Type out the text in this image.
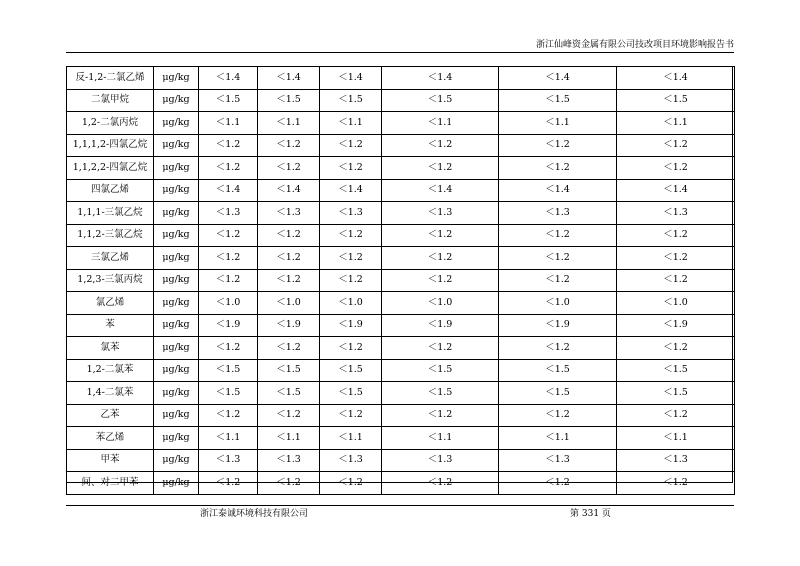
浙江仙峰资金属有限公司技改项目环境影响报告书
反-1,2-二氯乙烯	μg/kg	＜1.4	＜1.4	＜1.4	＜1.4	＜1.4	＜1.4
二氯甲烷	μg/kg	＜1.5	＜1.5	＜1.5	＜1.5	＜1.5	＜1.5
1,2-二氯丙烷	μg/kg	＜1.1	＜1.1	＜1.1	＜1.1	＜1.1	＜1.1
1,1,1,2-四氯乙烷	μg/kg	＜1.2	＜1.2	＜1.2	＜1.2	＜1.2	＜1.2
1,1,2,2-四氯乙烷	μg/kg	＜1.2	＜1.2	＜1.2	＜1.2	＜1.2	＜1.2
四氯乙烯	μg/kg	＜1.4	＜1.4	＜1.4	＜1.4	＜1.4	＜1.4
1,1,1-三氯乙烷	μg/kg	＜1.3	＜1.3	＜1.3	＜1.3	＜1.3	＜1.3
1,1,2-三氯乙烷	μg/kg	＜1.2	＜1.2	＜1.2	＜1.2	＜1.2	＜1.2
三氯乙烯	μg/kg	＜1.2	＜1.2	＜1.2	＜1.2	＜1.2	＜1.2
1,2,3-三氯丙烷	μg/kg	＜1.2	＜1.2	＜1.2	＜1.2	＜1.2	＜1.2
氯乙烯	μg/kg	＜1.0	＜1.0	＜1.0	＜1.0	＜1.0	＜1.0
苯	μg/kg	＜1.9	＜1.9	＜1.9	＜1.9	＜1.9	＜1.9
氯苯	μg/kg	＜1.2	＜1.2	＜1.2	＜1.2	＜1.2	＜1.2
1,2-二氯苯	μg/kg	＜1.5	＜1.5	＜1.5	＜1.5	＜1.5	＜1.5
1,4-二氯苯	μg/kg	＜1.5	＜1.5	＜1.5	＜1.5	＜1.5	＜1.5
乙苯	μg/kg	＜1.2	＜1.2	＜1.2	＜1.2	＜1.2	＜1.2
苯乙烯	μg/kg	＜1.1	＜1.1	＜1.1	＜1.1	＜1.1	＜1.1
甲苯	μg/kg	＜1.3	＜1.3	＜1.3	＜1.3	＜1.3	＜1.3
间、对二甲苯	μg/kg	＜1.2	＜1.2	＜1.2	＜1.2	＜1.2	＜1.2
浙江泰诚环境科技有限公司	第 331 页
